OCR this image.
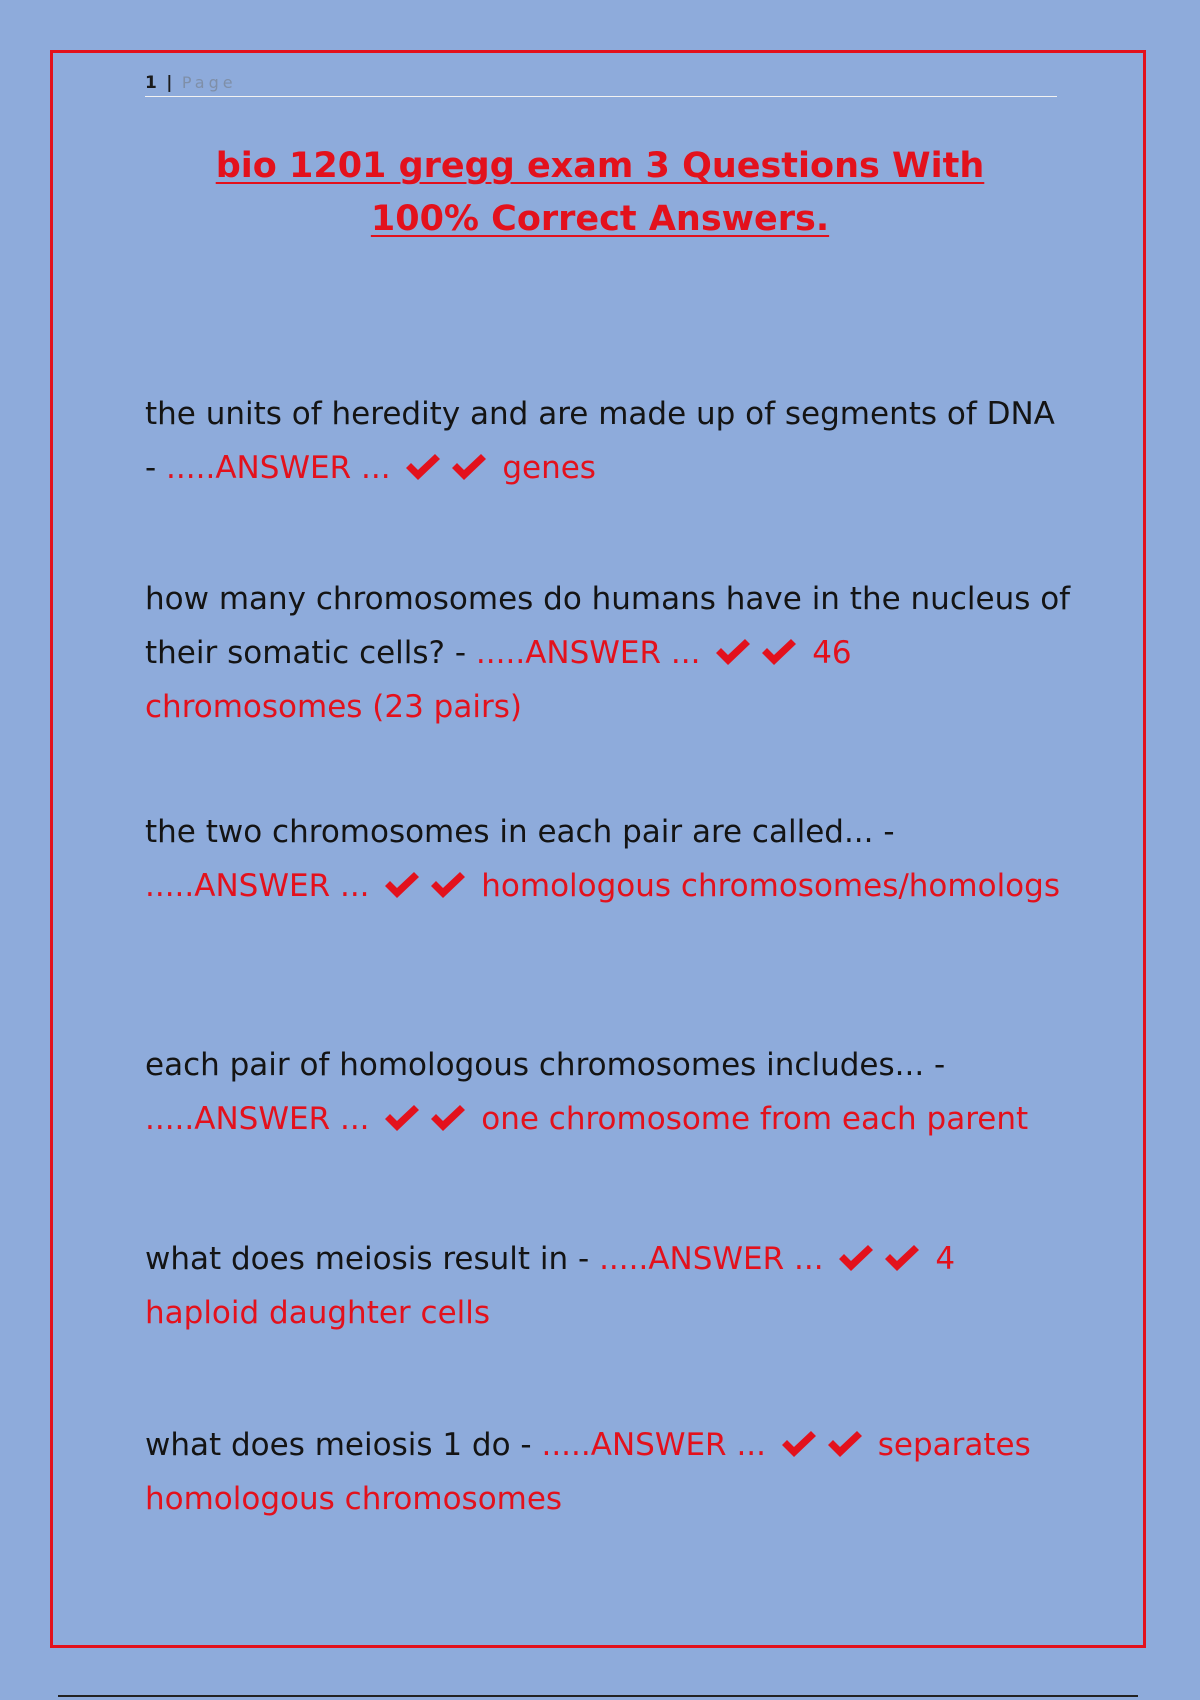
1 | Page
bio 1201 gregg exam 3 Questions With 100% Correct Answers.
the units of heredity and are made up of segments of DNA - .....ANSWER ...	genes
how many chromosomes do humans have in the nucleus of their somatic cells? - .....ANSWER ...	46 chromosomes (23 pairs)
the two chromosomes in each pair are called... - .....ANSWER ...	homologous chromosomes/homologs
each pair of homologous chromosomes includes... - .....ANSWER ...	one chromosome from each parent
what does meiosis result in - .....ANSWER ...	4 haploid daughter cells
what does meiosis 1 do - .....ANSWER ...	separates homologous chromosomes
